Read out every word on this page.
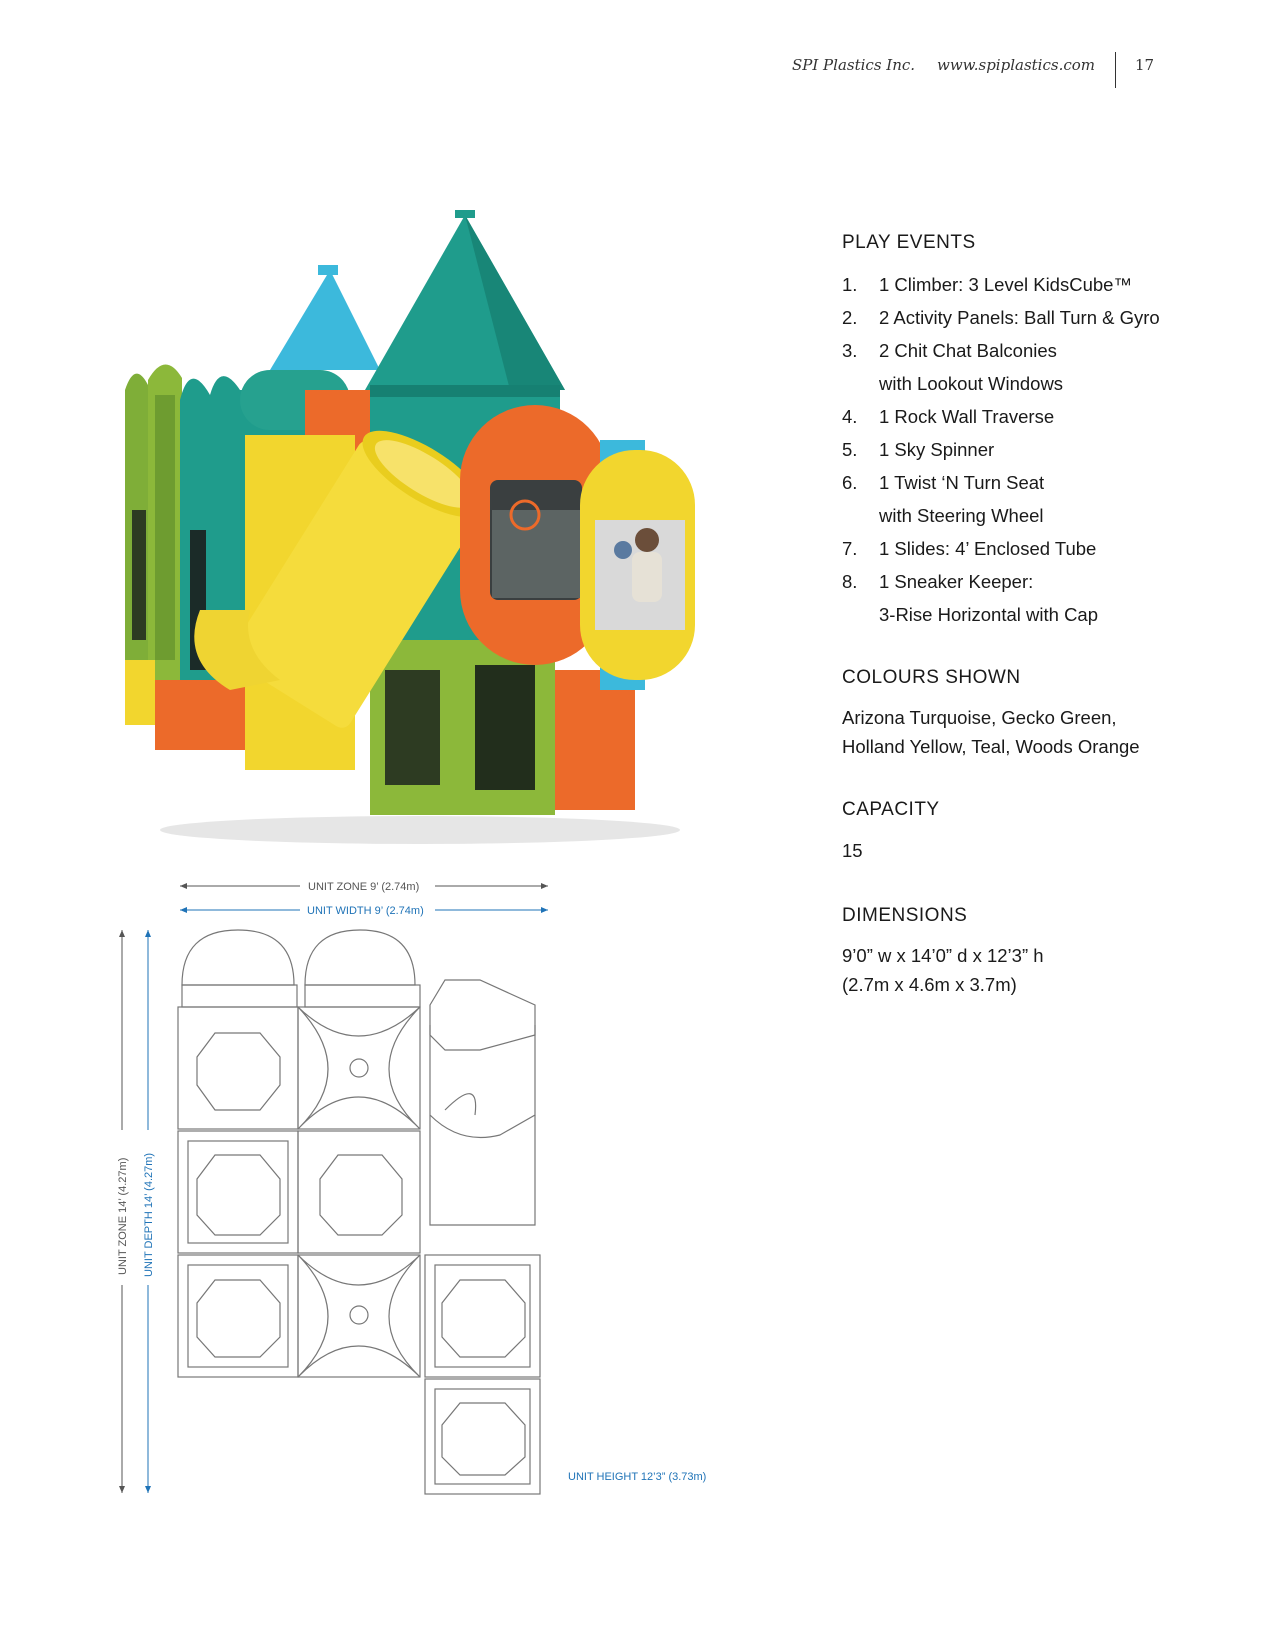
SPI Plastics Inc. www.spiplastics.com	17
UNIT ZONE 9’ (2.74m)
UNIT WIDTH 9’ (2.74m)
UNIT ZONE 14’ (4.27m) UNIT DEPTH 14’ (4.27m)
UNIT HEIGHT 12’3” (3.73m)
PLAY EVENTS
1. 1 Climber: 3 Level KidsCube™
2. 2 Activity Panels: Ball Turn & Gyro
3. 2 Chit Chat Balconies
with Lookout Windows
4. 1 Rock Wall Traverse
5. 1 Sky Spinner
6. 1 Twist ‘N Turn Seat
with Steering Wheel
7. 1 Slides: 4’ Enclosed Tube
8. 1 Sneaker Keeper:
3-Rise Horizontal with Cap
COLOURS SHOWN

Arizona Turquoise, Gecko Green,
Holland Yellow, Teal, Woods Orange

CAPACITY

15

DIMENSIONS

9’0” w x 14’0” d x 12’3” h
(2.7m x 4.6m x 3.7m)
